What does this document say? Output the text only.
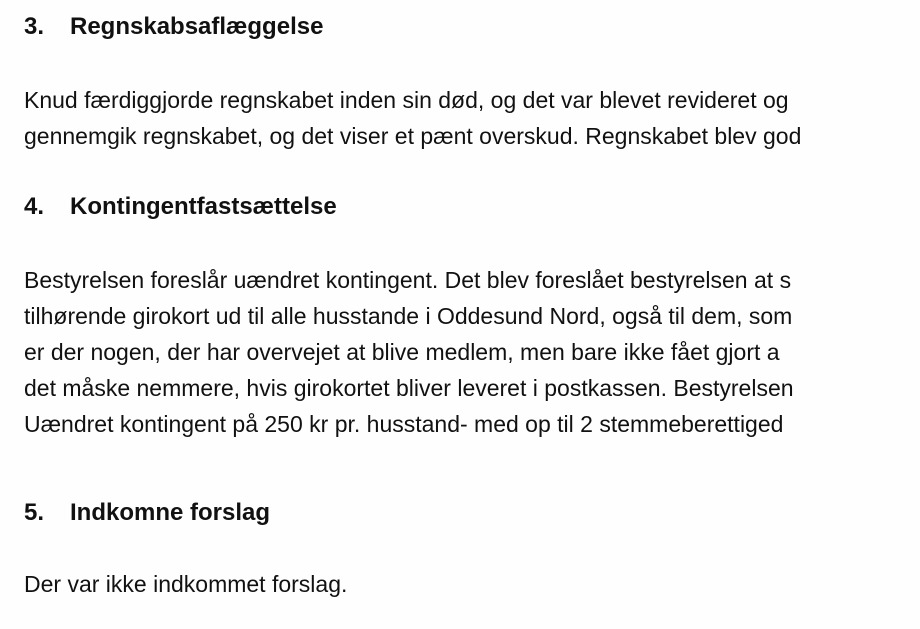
3.	Regnskabsaflæggelse

Knud færdiggjorde regnskabet inden sin død, og det var blevet revideret og
gennemgik regnskabet, og det viser et pænt overskud. Regnskabet blev god

4.	Kontingentfastsættelse

Bestyrelsen foreslår uændret kontingent. Det blev foreslået bestyrelsen at s
tilhørende girokort ud til alle husstande i Oddesund Nord, også til dem, som
er der nogen, der har overvejet at blive medlem, men bare ikke fået gjort a
det måske nemmere, hvis girokortet bliver leveret i postkassen. Bestyrelsen
Uændret kontingent på 250 kr pr. husstand- med op til 2 stemmeberettiged

5.	Indkomne forslag

Der var ikke indkommet forslag.
